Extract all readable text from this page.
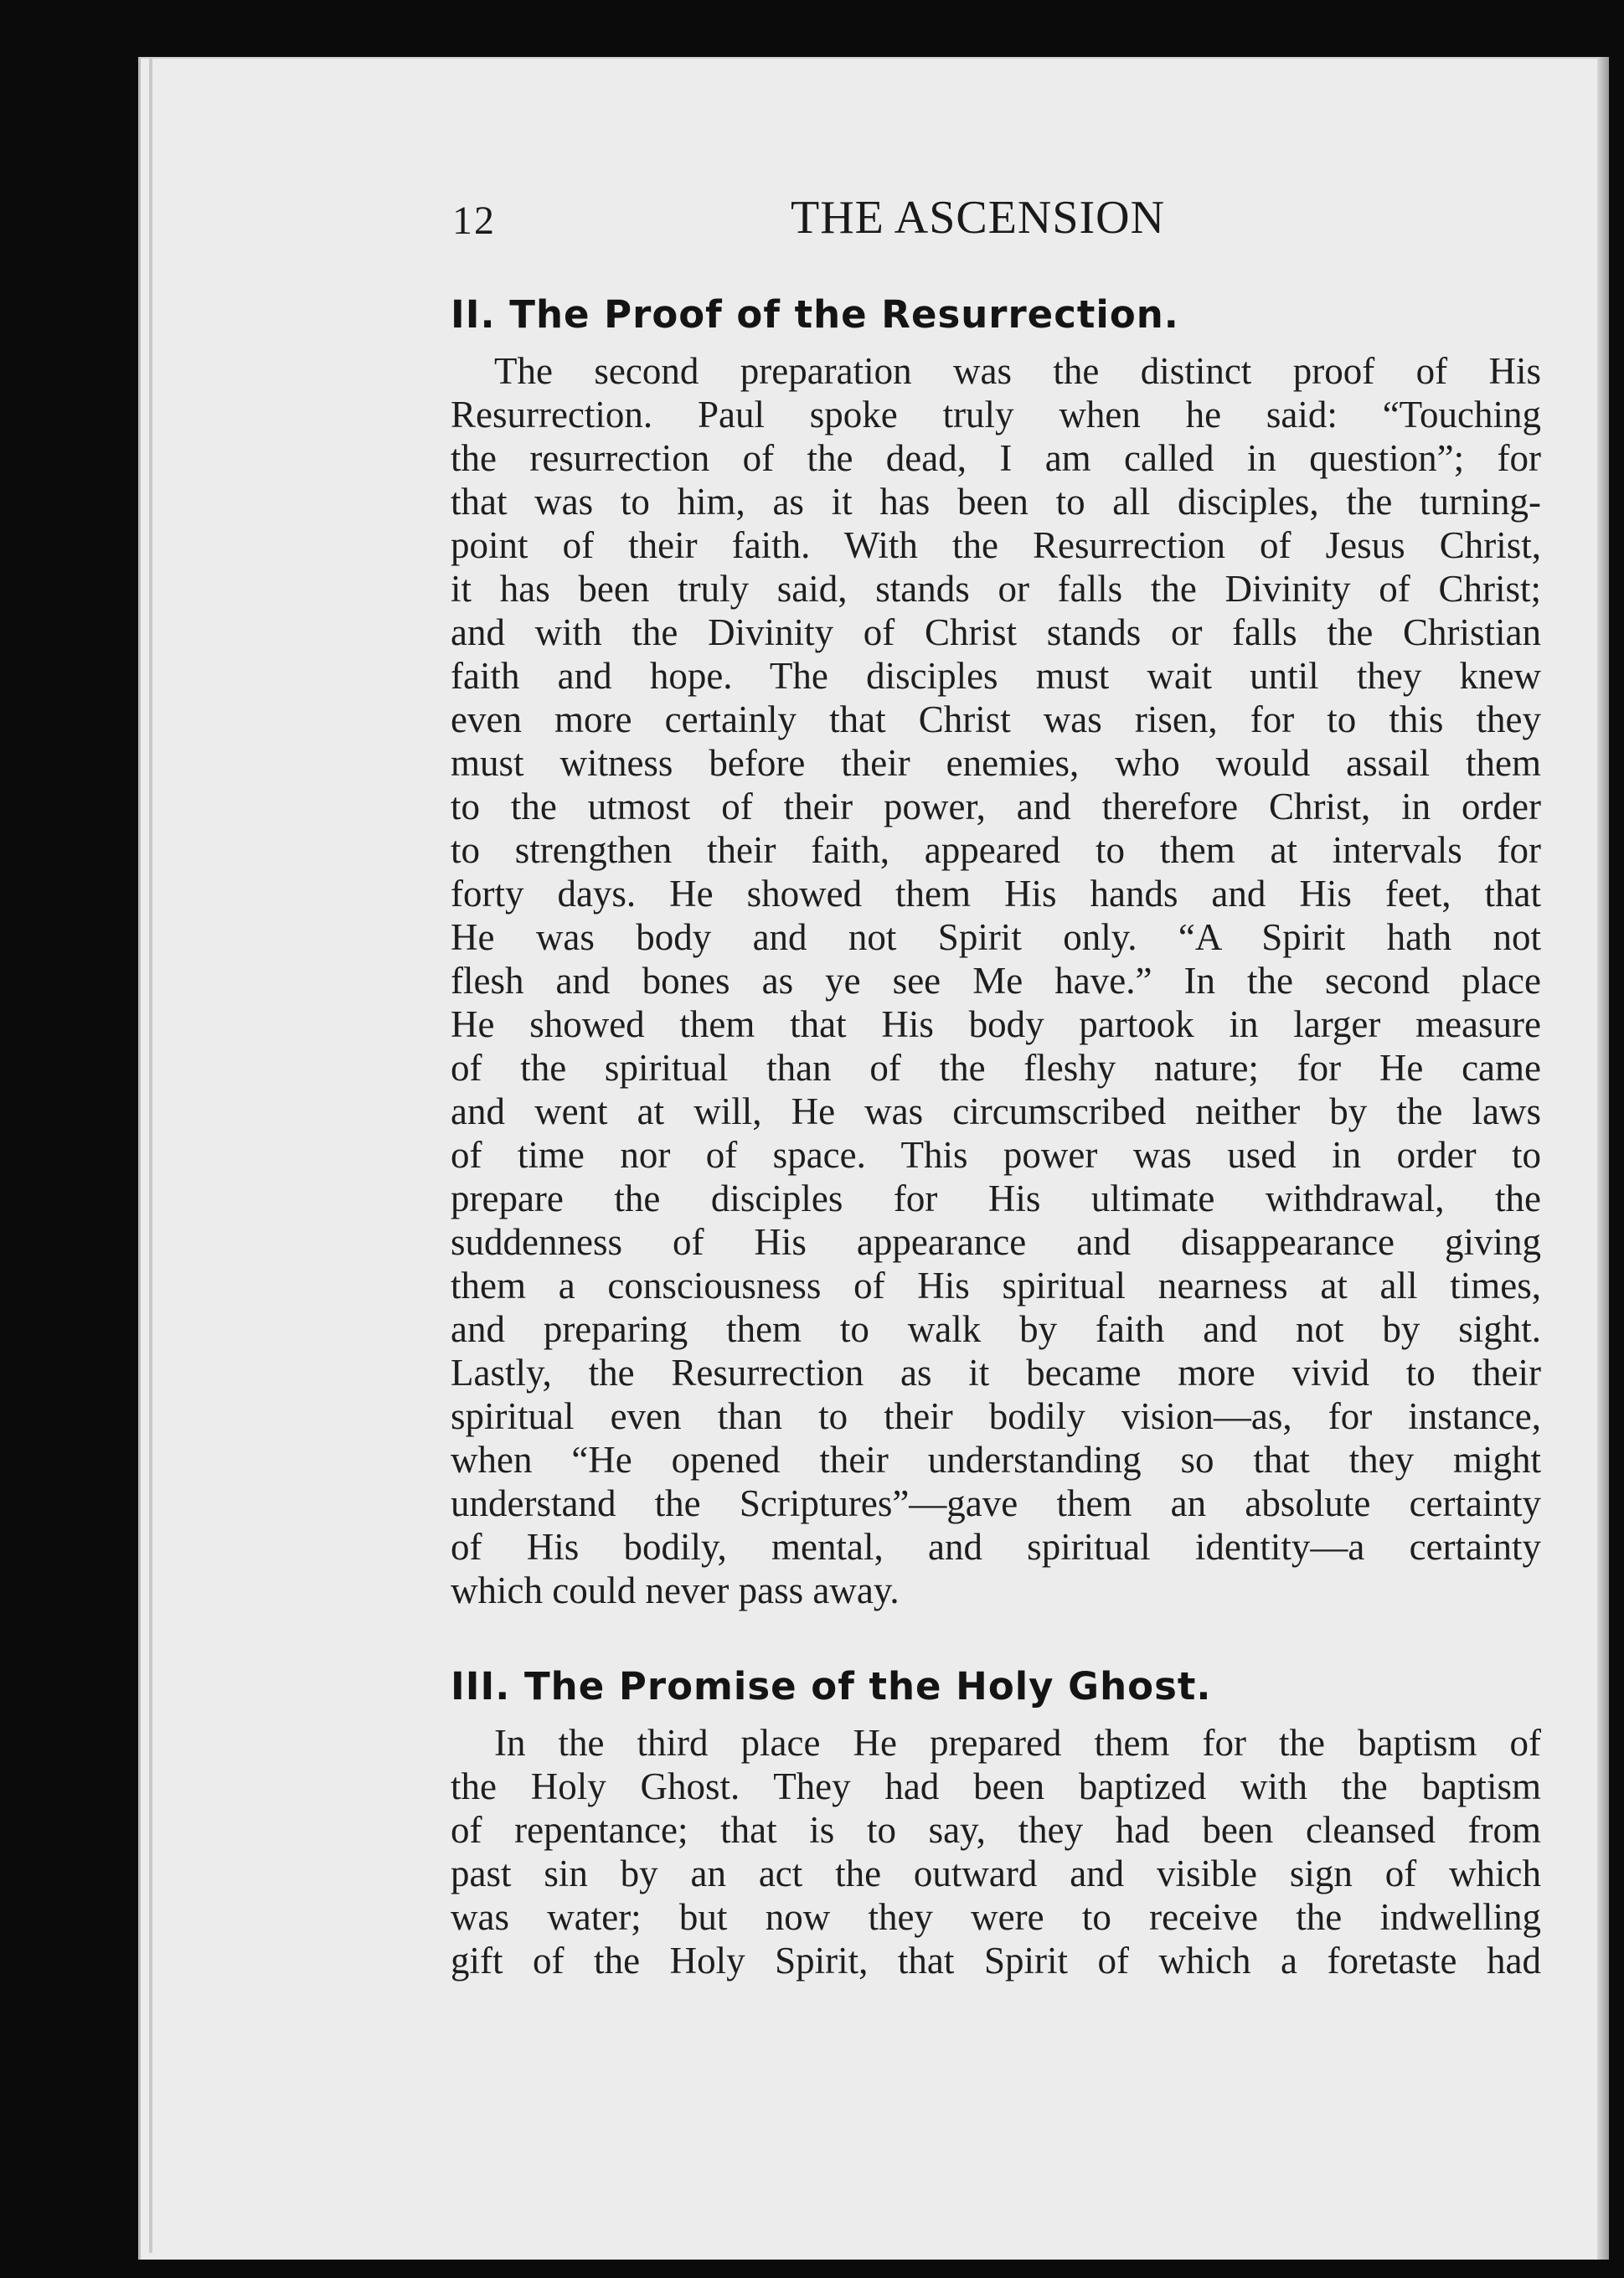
12	THE ASCENSION
II. The Proof of the Resurrection.
The second preparation was the distinct proof of His
Resurrection. Paul spoke truly when he said: “Touching
the resurrection of the dead, I am called in question”; for
that was to him, as it has been to all disciples, the turning-
point of their faith. With the Resurrection of Jesus Christ,
it has been truly said, stands or falls the Divinity of Christ;
and with the Divinity of Christ stands or falls the Christian
faith and hope. The disciples must wait until they knew
even more certainly that Christ was risen, for to this they
must witness before their enemies, who would assail them
to the utmost of their power, and therefore Christ, in order
to strengthen their faith, appeared to them at intervals for
forty days. He showed them His hands and His feet, that
He was body and not Spirit only. “A Spirit hath not
flesh and bones as ye see Me have.” In the second place
He showed them that His body partook in larger measure
of the spiritual than of the fleshy nature; for He came
and went at will, He was circumscribed neither by the laws
of time nor of space. This power was used in order to
prepare the disciples for His ultimate withdrawal, the
suddenness of His appearance and disappearance giving
them a consciousness of His spiritual nearness at all times,
and preparing them to walk by faith and not by sight.
Lastly, the Resurrection as it became more vivid to their
spiritual even than to their bodily vision—as, for instance,
when “He opened their understanding so that they might
understand the Scriptures”—gave them an absolute certainty
of His bodily, mental, and spiritual identity—a certainty
which could never pass away.
III. The Promise of the Holy Ghost.
In the third place He prepared them for the baptism of
the Holy Ghost. They had been baptized with the baptism
of repentance; that is to say, they had been cleansed from
past sin by an act the outward and visible sign of which
was water; but now they were to receive the indwelling
gift of the Holy Spirit, that Spirit of which a foretaste had
